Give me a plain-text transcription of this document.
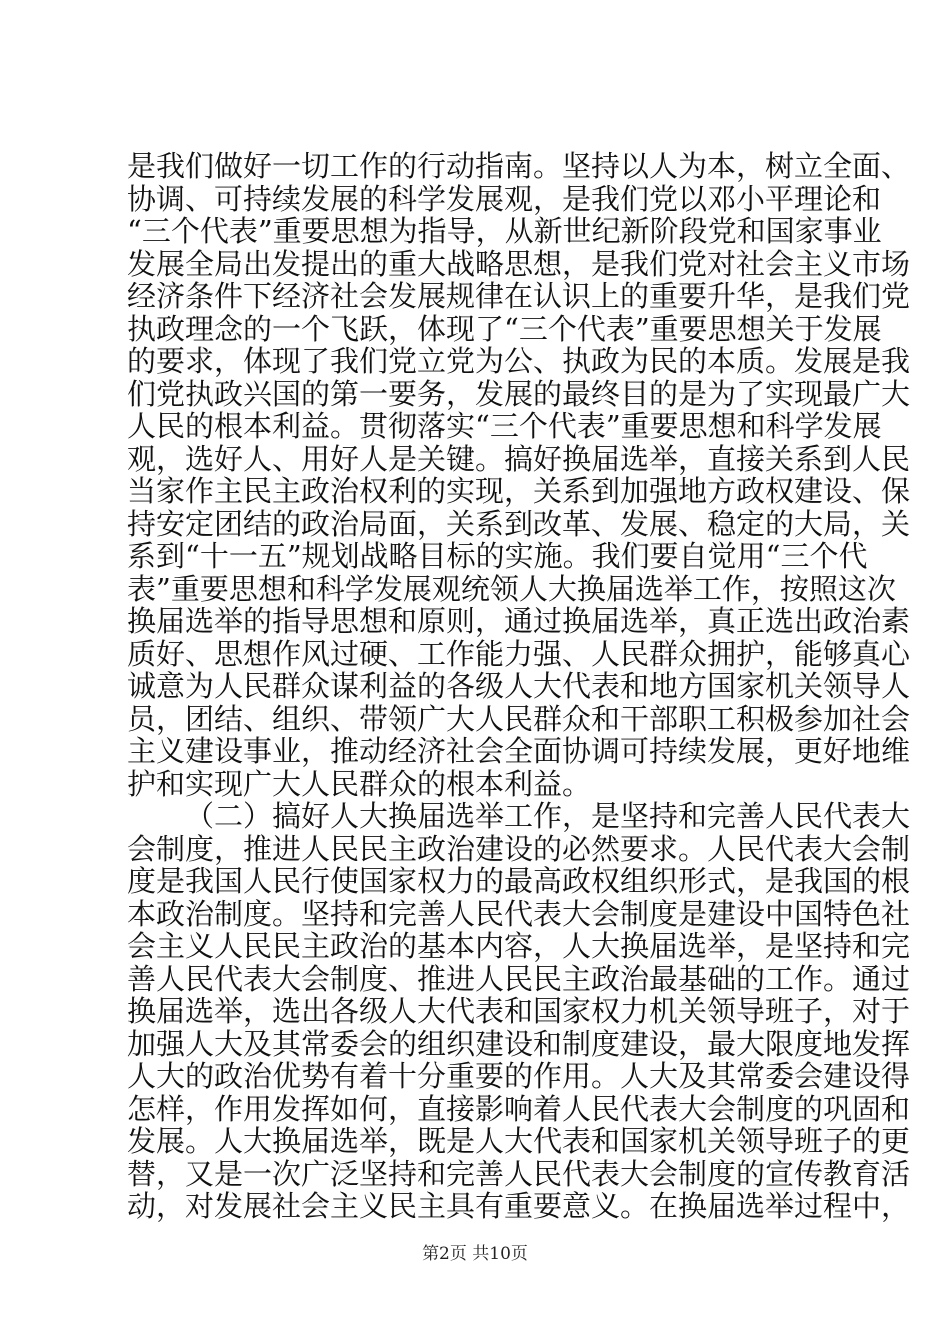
是我们做好一切工作的行动指南。坚持以人为本，树立全面、
协调、可持续发展的科学发展观，是我们党以邓小平理论和
“三个代表”重要思想为指导，从新世纪新阶段党和国家事业
发展全局出发提出的重大战略思想，是我们党对社会主义市场
经济条件下经济社会发展规律在认识上的重要升华，是我们党
执政理念的一个飞跃，体现了“三个代表”重要思想关于发展
的要求，体现了我们党立党为公、执政为民的本质。发展是我
们党执政兴国的第一要务，发展的最终目的是为了实现最广大
人民的根本利益。贯彻落实“三个代表”重要思想和科学发展
观，选好人、用好人是关键。搞好换届选举，直接关系到人民
当家作主民主政治权利的实现，关系到加强地方政权建设、保
持安定团结的政治局面，关系到改革、发展、稳定的大局，关
系到“十一五”规划战略目标的实施。我们要自觉用“三个代
表”重要思想和科学发展观统领人大换届选举工作，按照这次
换届选举的指导思想和原则，通过换届选举，真正选出政治素
质好、思想作风过硬、工作能力强、人民群众拥护，能够真心
诚意为人民群众谋利益的各级人大代表和地方国家机关领导人
员，团结、组织、带领广大人民群众和干部职工积极参加社会
主义建设事业，推动经济社会全面协调可持续发展，更好地维
护和实现广大人民群众的根本利益。
（二）搞好人大换届选举工作，是坚持和完善人民代表大
会制度，推进人民民主政治建设的必然要求。人民代表大会制
度是我国人民行使国家权力的最高政权组织形式，是我国的根
本政治制度。坚持和完善人民代表大会制度是建设中国特色社
会主义人民民主政治的基本内容，人大换届选举，是坚持和完
善人民代表大会制度、推进人民民主政治最基础的工作。通过
换届选举，选出各级人大代表和国家权力机关领导班子，对于
加强人大及其常委会的组织建设和制度建设，最大限度地发挥
人大的政治优势有着十分重要的作用。人大及其常委会建设得
怎样，作用发挥如何，直接影响着人民代表大会制度的巩固和
发展。人大换届选举，既是人大代表和国家机关领导班子的更
替，又是一次广泛坚持和完善人民代表大会制度的宣传教育活
动，对发展社会主义民主具有重要意义。在换届选举过程中，
第2页 共10页
